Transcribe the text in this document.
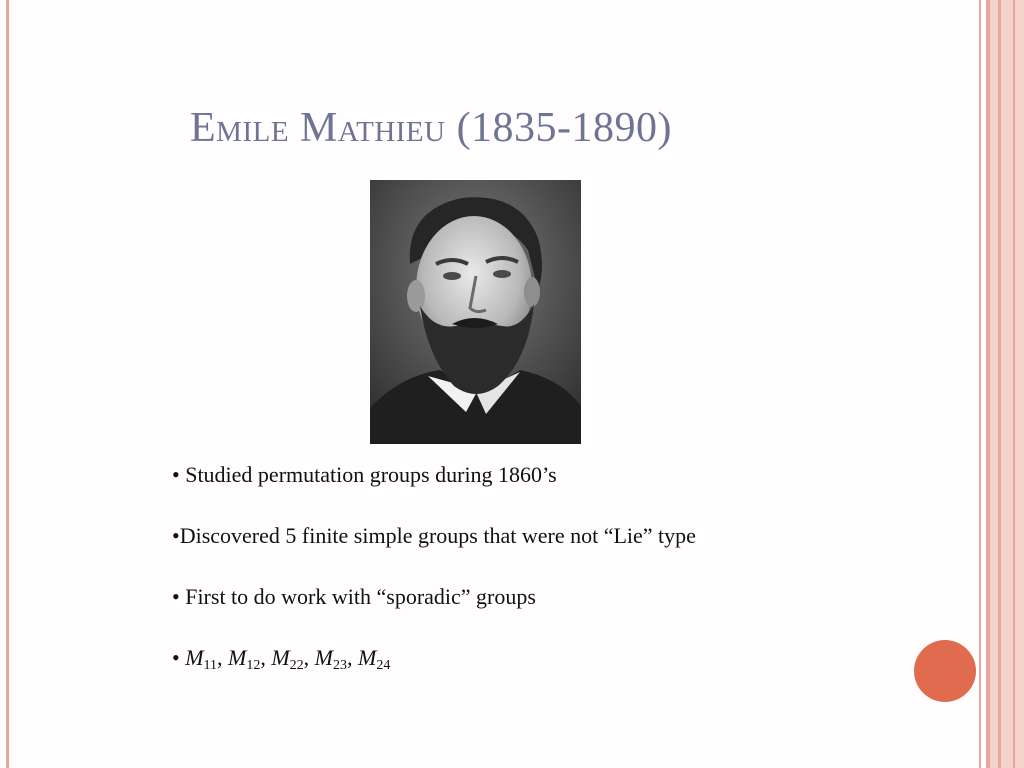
Emile Mathieu (1835-1890)
• Studied permutation groups during 1860’s
•Discovered 5 finite simple groups that were not “Lie” type
• First to do work with “sporadic” groups
• $M_{11}$, $M_{12}$, $M_{22}$, $M_{23}$, $M_{24}$
